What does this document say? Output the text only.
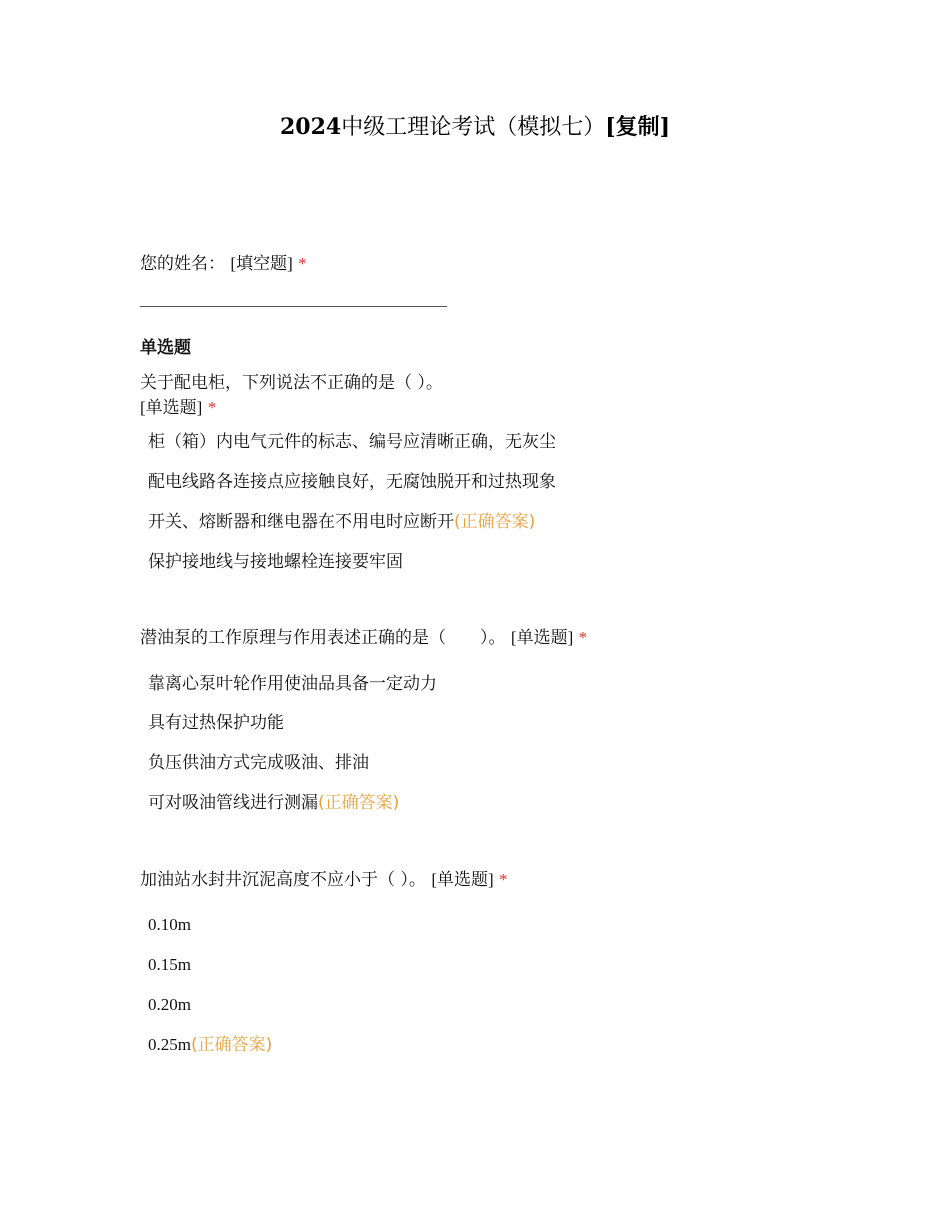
2024中级工理论考试（模拟七）[复制]
您的姓名： [填空题] *
单选题
关于配电柜，下列说法不正确的是（ ）。
[单选题] *
柜（箱）内电气元件的标志、编号应清晰正确，无灰尘
配电线路各连接点应接触良好，无腐蚀脱开和过热现象
开关、熔断器和继电器在不用电时应断开(正确答案)
保护接地线与接地螺栓连接要牢固
潜油泵的工作原理与作用表述正确的是（　　）。 [单选题] *
靠离心泵叶轮作用使油品具备一定动力
具有过热保护功能
负压供油方式完成吸油、排油
可对吸油管线进行测漏(正确答案)
加油站水封井沉泥高度不应小于（ ）。 [单选题] *
0.10m
0.15m
0.20m
0.25m(正确答案)
